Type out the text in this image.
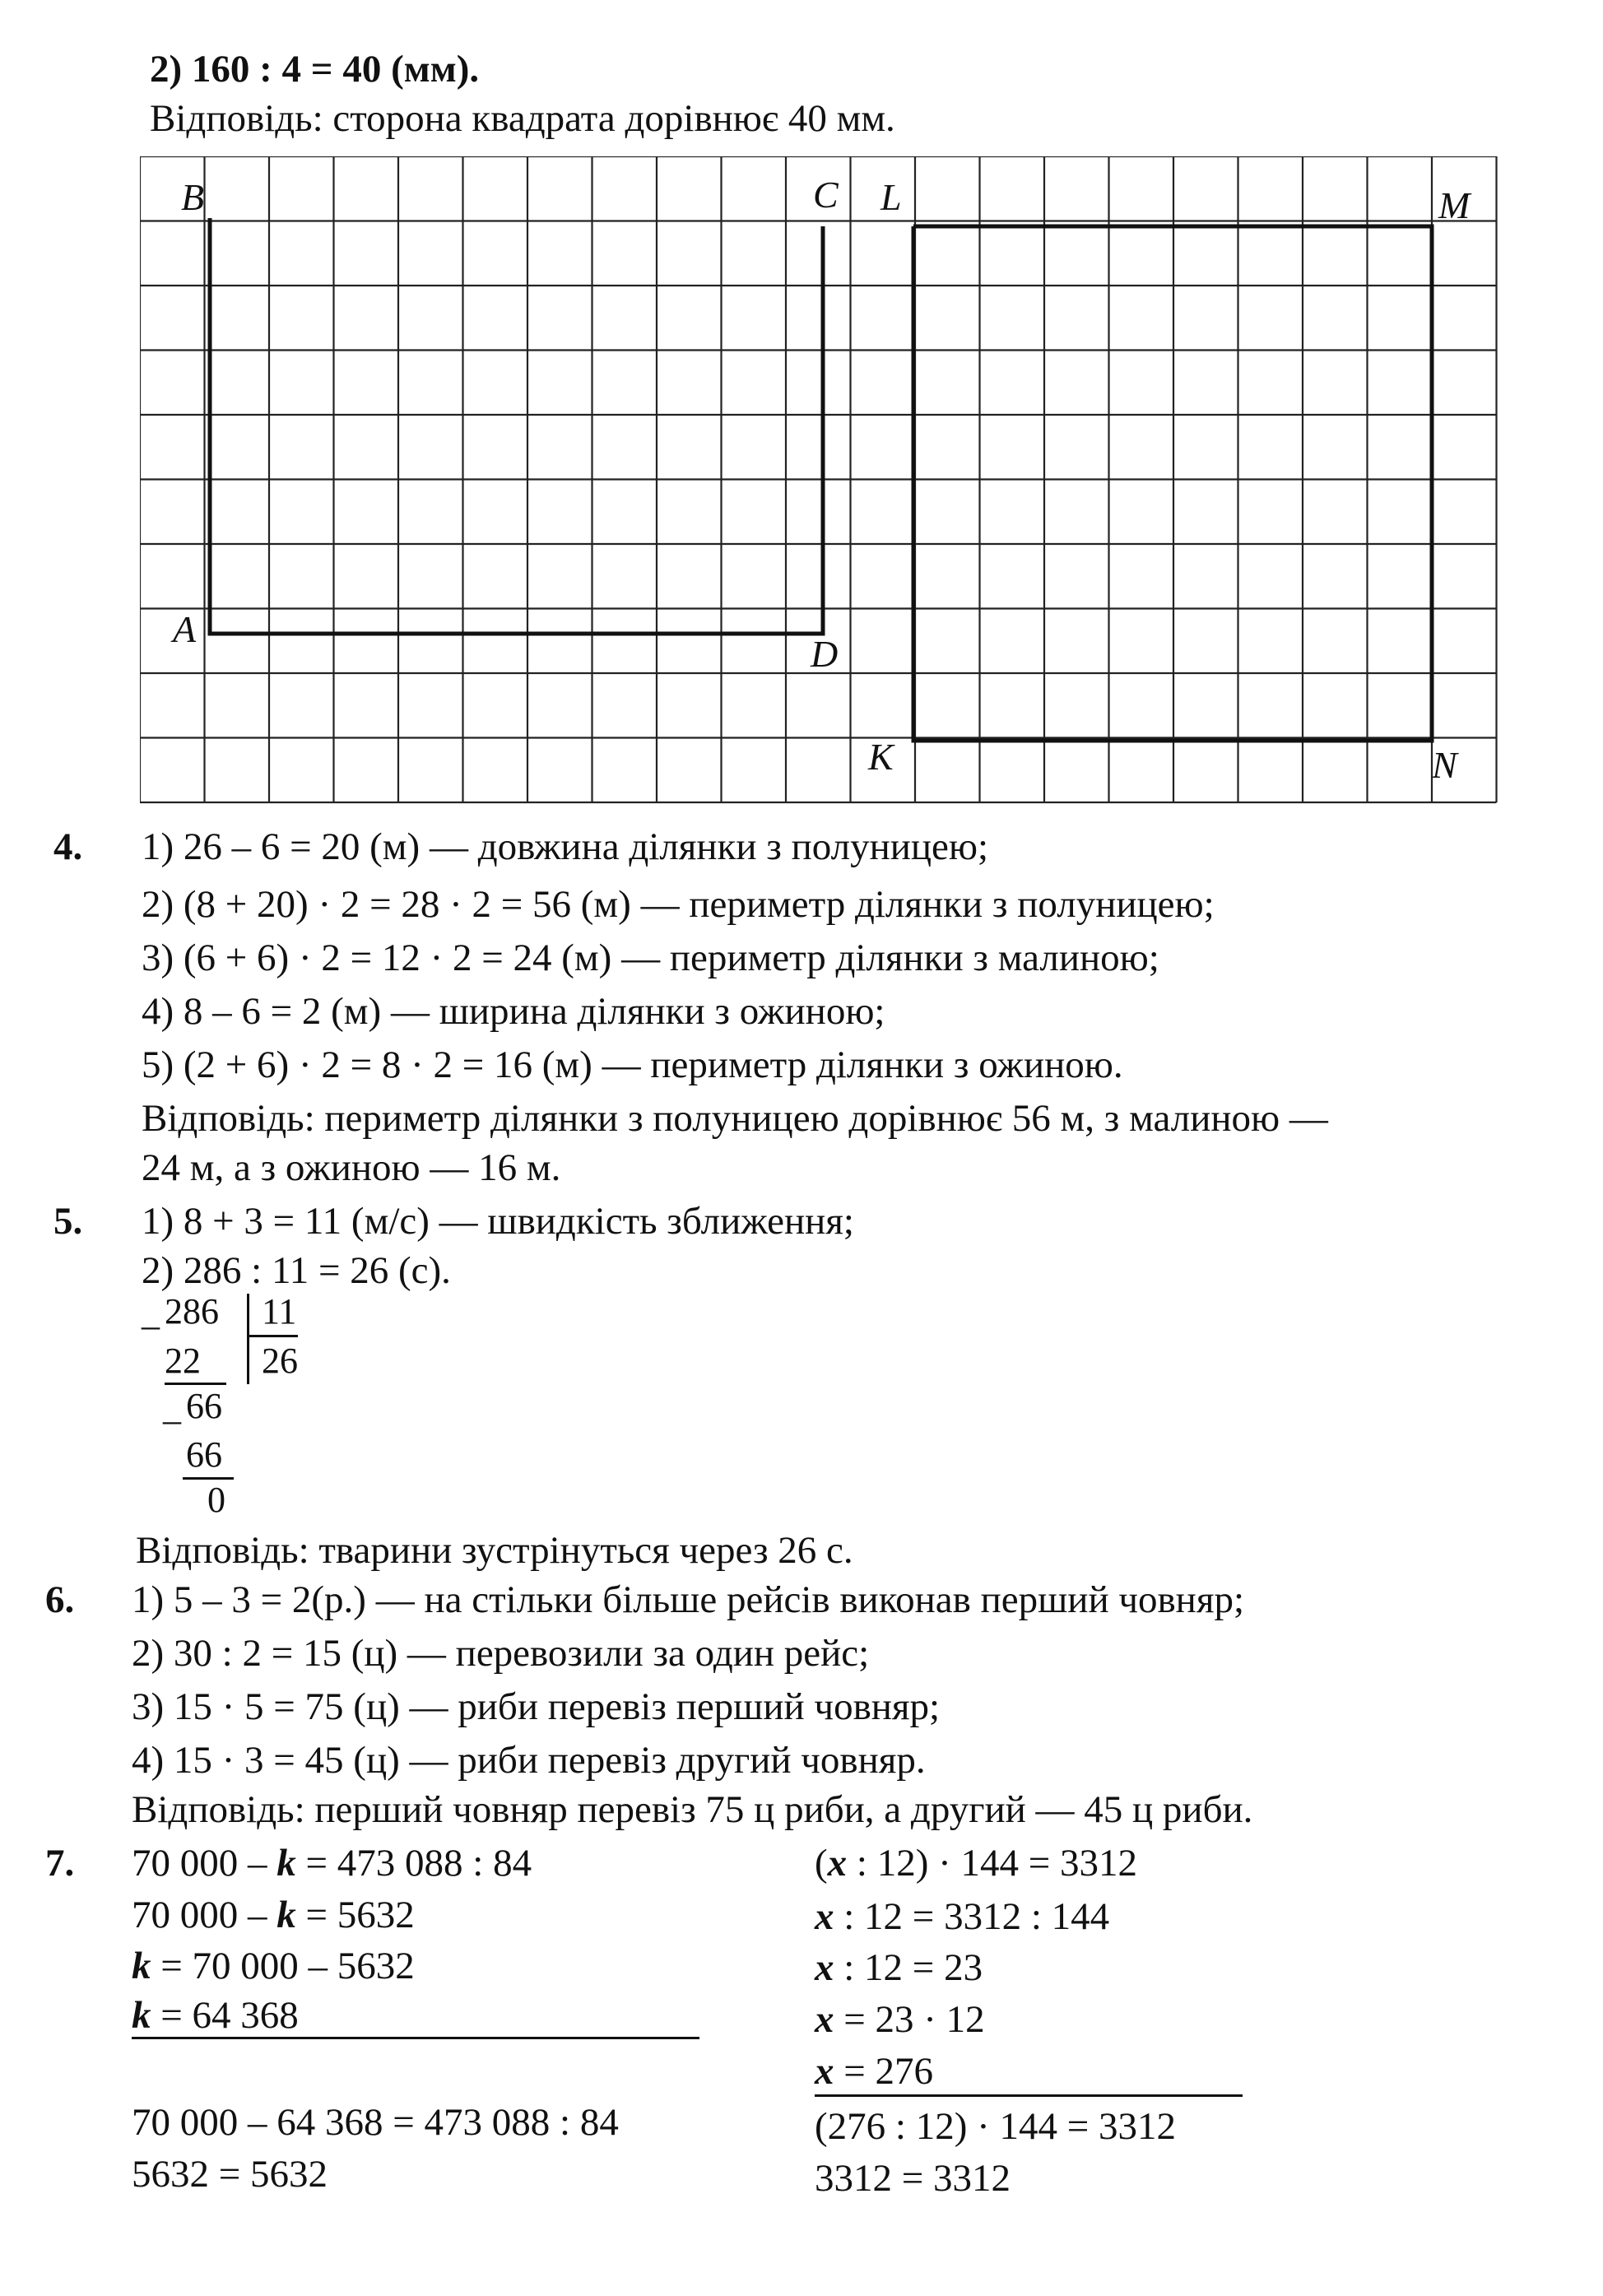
2) 160 : 4 = 40 (мм).
Відповідь: сторона квадрата дорівнює 40 мм.
B	C L	M
A
D
K	N
4. 1) 26 – 6 = 20 (м) — довжина ділянки з полуницею;
2) (8 + 20) · 2 = 28 · 2 = 56 (м) — периметр ділянки з полуницею;
3) (6 + 6) · 2 = 12 · 2 = 24 (м) — периметр ділянки з малиною;
4) 8 – 6 = 2 (м) — ширина ділянки з ожиною;
5) (2 + 6) · 2 = 8 · 2 = 16 (м) — периметр ділянки з ожиною.
Відповідь: периметр ділянки з полуницею дорівнює 56 м, з малиною —
24 м, а з ожиною — 16 м.
5. 1) 8 + 3 = 11 (м/с) — швидкість зближення;
2) 286 : 11 = 26 (с).
_ 286 11
22 26
_ 66
66
0
Відповідь: тварини зустрінуться через 26 с.
6. 1) 5 – 3 = 2(р.) — на стільки більше рейсів виконав перший човняр;
2) 30 : 2 = 15 (ц) — перевозили за один рейс;
3) 15 · 5 = 75 (ц) — риби перевіз перший човняр;
4) 15 · 3 = 45 (ц) — риби перевіз другий човняр.
Відповідь: перший човняр перевіз 75 ц риби, а другий — 45 ц риби.
7. 70 000 – k = 473 088 : 84
70 000 – k = 5632
k = 70 000 – 5632
k = 64 368
70 000 – 64 368 = 473 088 : 84
5632 = 5632
(x : 12) · 144 = 3312
x : 12 = 3312 : 144
x : 12 = 23
x = 23 · 12
x = 276
(276 : 12) · 144 = 3312
3312 = 3312
